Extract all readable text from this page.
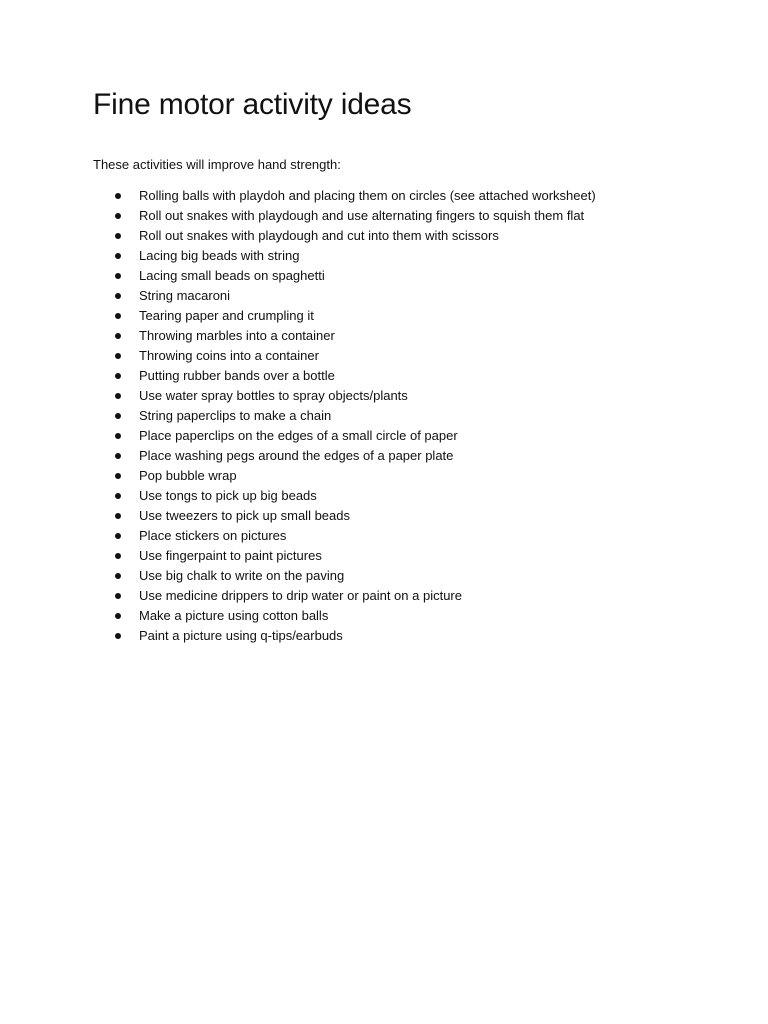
Fine motor activity ideas
These activities will improve hand strength:
Rolling balls with playdoh and placing them on circles (see attached worksheet)
Roll out snakes with playdough and use alternating fingers to squish them flat
Roll out snakes with playdough and cut into them with scissors
Lacing big beads with string
Lacing small beads on spaghetti
String macaroni
Tearing paper and crumpling it
Throwing marbles into a container
Throwing coins into a container
Putting rubber bands over a bottle
Use water spray bottles to spray objects/plants
String paperclips to make a chain
Place paperclips on the edges of a small circle of paper
Place washing pegs around the edges of a paper plate
Pop bubble wrap
Use tongs to pick up big beads
Use tweezers to pick up small beads
Place stickers on pictures
Use fingerpaint to paint pictures
Use big chalk to write on the paving
Use medicine drippers to drip water or paint on a picture
Make a picture using cotton balls
Paint a picture using q-tips/earbuds
